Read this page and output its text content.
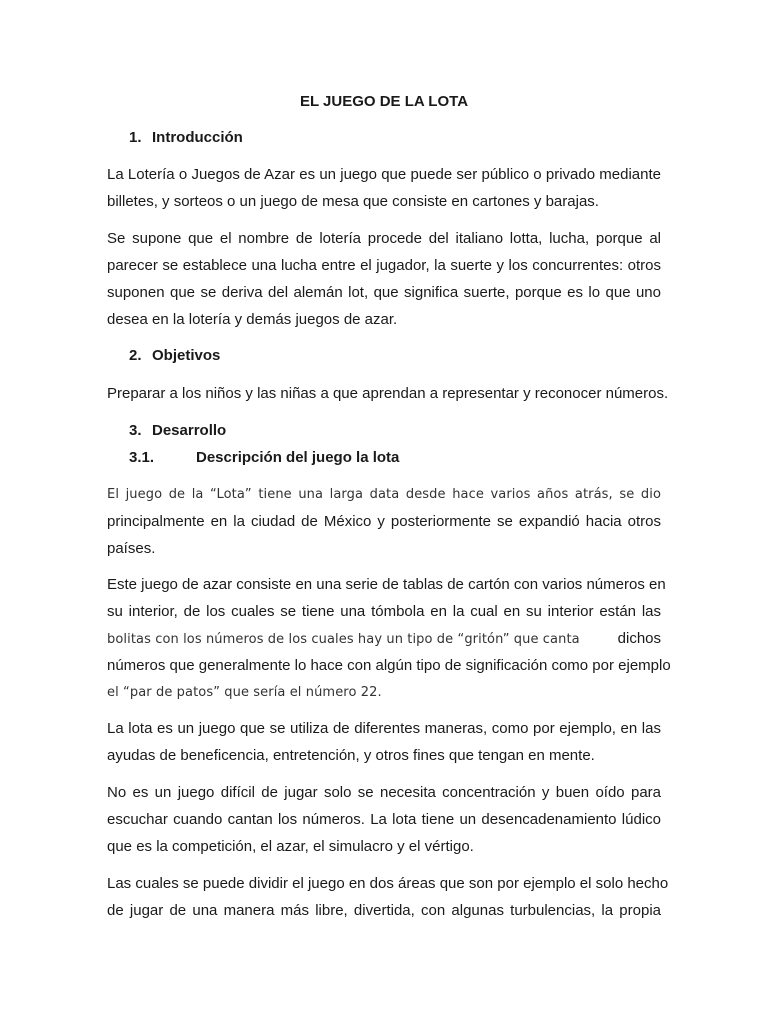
EL JUEGO DE LA LOTA
1. Introducción
La Lotería o Juegos de Azar es un juego que puede ser público o privado mediante
billetes, y sorteos o un juego de mesa que consiste en cartones y barajas.
Se supone que el nombre de lotería procede del italiano lotta, lucha, porque al
parecer se establece una lucha entre el jugador, la suerte y los concurrentes: otros
suponen que se deriva del alemán lot, que significa suerte, porque es lo que uno
desea en la lotería y demás juegos de azar.
2. Objetivos
Preparar a los niños y las niñas a que aprendan a representar y reconocer números.
3. Desarrollo
3.1.	Descripción del juego la lota
El juego de la “Lota” tiene una larga data desde hace varios años atrás, se dio
principalmente en la ciudad de México y posteriormente se expandió hacia otros
países.
Este juego de azar consiste en una serie de tablas de cartón con varios números en
su interior, de los cuales se tiene una tómbola en la cual en su interior están las
bolitas con los números de los cuales hay un tipo de “gritón” que canta	dichos
números que generalmente lo hace con algún tipo de significación como por ejemplo
el “par de patos” que sería el número 22.
La lota es un juego que se utiliza de diferentes maneras, como por ejemplo, en las
ayudas de beneficencia, entretención, y otros fines que tengan en mente.
No es un juego difícil de jugar solo se necesita concentración y buen oído para
escuchar cuando cantan los números. La lota tiene un desencadenamiento lúdico
que es la competición, el azar, el simulacro y el vértigo.
Las cuales se puede dividir el juego en dos áreas que son por ejemplo el solo hecho
de jugar de una manera más libre, divertida, con algunas turbulencias, la propia
